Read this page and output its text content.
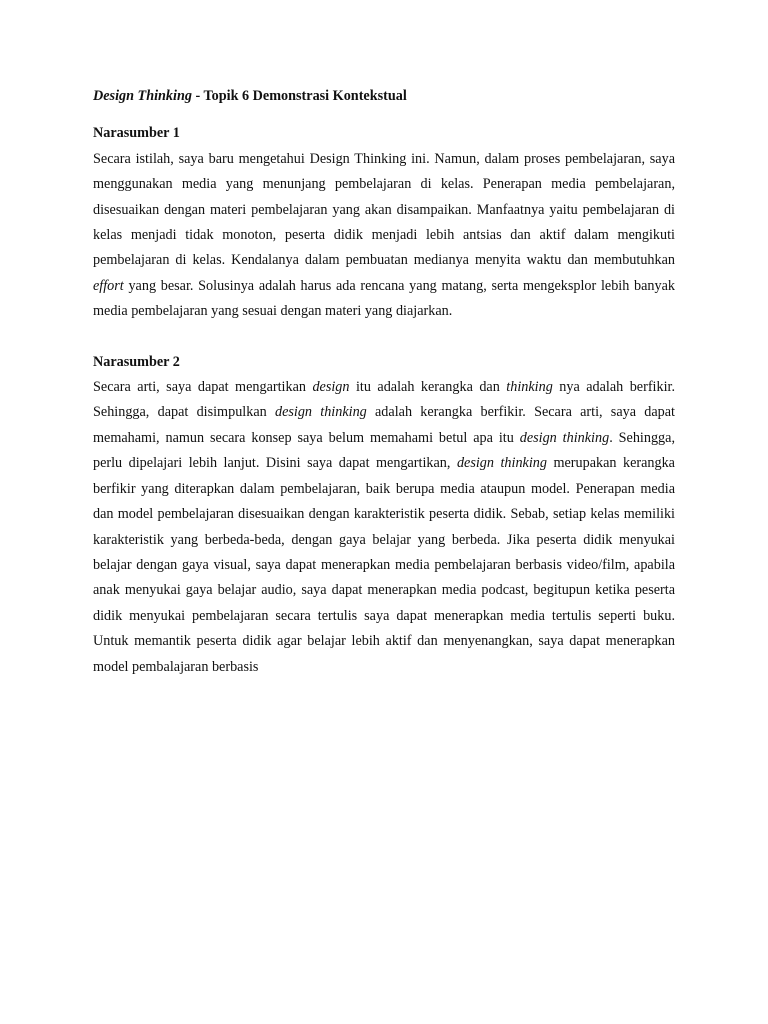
Design Thinking - Topik 6 Demonstrasi Kontekstual

Narasumber 1

Secara istilah, saya baru mengetahui Design Thinking ini. Namun, dalam proses pembelajaran, saya menggunakan media yang menunjang pembelajaran di kelas. Penerapan media pembelajaran, disesuaikan dengan materi pembelajaran yang akan disampaikan. Manfaatnya yaitu pembelajaran di kelas menjadi tidak monoton, peserta didik menjadi lebih antsias dan aktif dalam mengikuti pembelajaran di kelas. Kendalanya dalam pembuatan medianya menyita waktu dan membutuhkan effort yang besar. Solusinya adalah harus ada rencana yang matang, serta mengeksplor lebih banyak media pembelajaran yang sesuai dengan materi yang diajarkan.

Narasumber 2

Secara arti, saya dapat mengartikan design itu adalah kerangka dan thinking nya adalah berfikir. Sehingga, dapat disimpulkan design thinking adalah kerangka berfikir. Secara arti, saya dapat memahami, namun secara konsep saya belum memahami betul apa itu design thinking. Sehingga, perlu dipelajari lebih lanjut. Disini saya dapat mengartikan, design thinking merupakan kerangka berfikir yang diterapkan dalam pembelajaran, baik berupa media ataupun model. Penerapan media dan model pembelajaran disesuaikan dengan karakteristik peserta didik. Sebab, setiap kelas memiliki karakteristik yang berbeda-beda, dengan gaya belajar yang berbeda. Jika peserta didik menyukai belajar dengan gaya visual, saya dapat menerapkan media pembelajaran berbasis video/film, apabila anak menyukai gaya belajar audio, saya dapat menerapkan media podcast, begitupun ketika peserta didik menyukai pembelajaran secara tertulis saya dapat menerapkan media tertulis seperti buku. Untuk memantik peserta didik agar belajar lebih aktif dan menyenangkan, saya dapat menerapkan model pembalajaran berbasis
